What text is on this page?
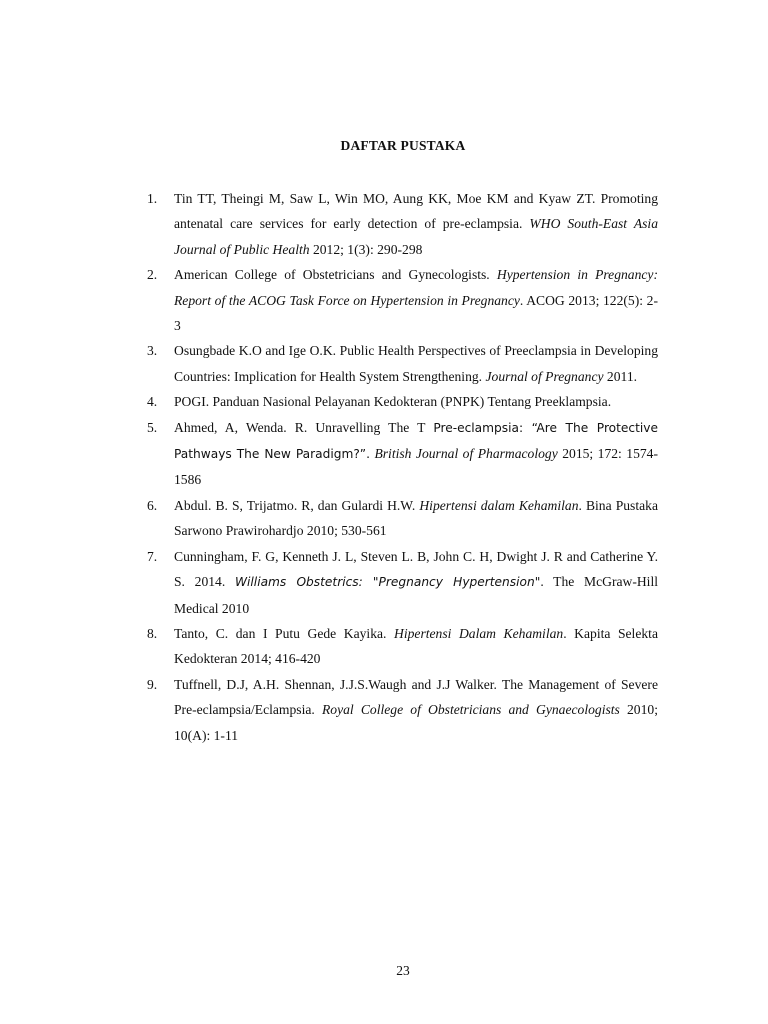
DAFTAR PUSTAKA
1. Tin TT, Theingi M, Saw L, Win MO, Aung KK, Moe KM and Kyaw ZT. Promoting antenatal care services for early detection of pre-eclampsia. WHO South-East Asia Journal of Public Health 2012; 1(3): 290-298
2. American College of Obstetricians and Gynecologists. Hypertension in Pregnancy: Report of the ACOG Task Force on Hypertension in Pregnancy. ACOG 2013; 122(5): 2-3
3. Osungbade K.O and Ige O.K. Public Health Perspectives of Preeclampsia in Developing Countries: Implication for Health System Strengthening. Journal of Pregnancy 2011.
4. POGI. Panduan Nasional Pelayanan Kedokteran (PNPK) Tentang Preeklampsia.
5. Ahmed, A, Wenda. R. Unravelling The T Pre-eclampsia: “Are The Protective Pathways The New Paradigm?”. British Journal of Pharmacology 2015; 172: 1574-1586
6. Abdul. B. S, Trijatmo. R, dan Gulardi H.W. Hipertensi dalam Kehamilan. Bina Pustaka Sarwono Prawirohardjo 2010; 530-561
7. Cunningham, F. G, Kenneth J. L, Steven L. B, John C. H, Dwight J. R and Catherine Y. S. 2014. Williams Obstetrics: "Pregnancy Hypertension". The McGraw-Hill Medical 2010
8. Tanto, C. dan I Putu Gede Kayika. Hipertensi Dalam Kehamilan. Kapita Selekta Kedokteran 2014; 416-420
9. Tuffnell, D.J, A.H. Shennan, J.J.S.Waugh and J.J Walker. The Management of Severe Pre-eclampsia/Eclampsia. Royal College of Obstetricians and Gynaecologists 2010; 10(A): 1-11
23
